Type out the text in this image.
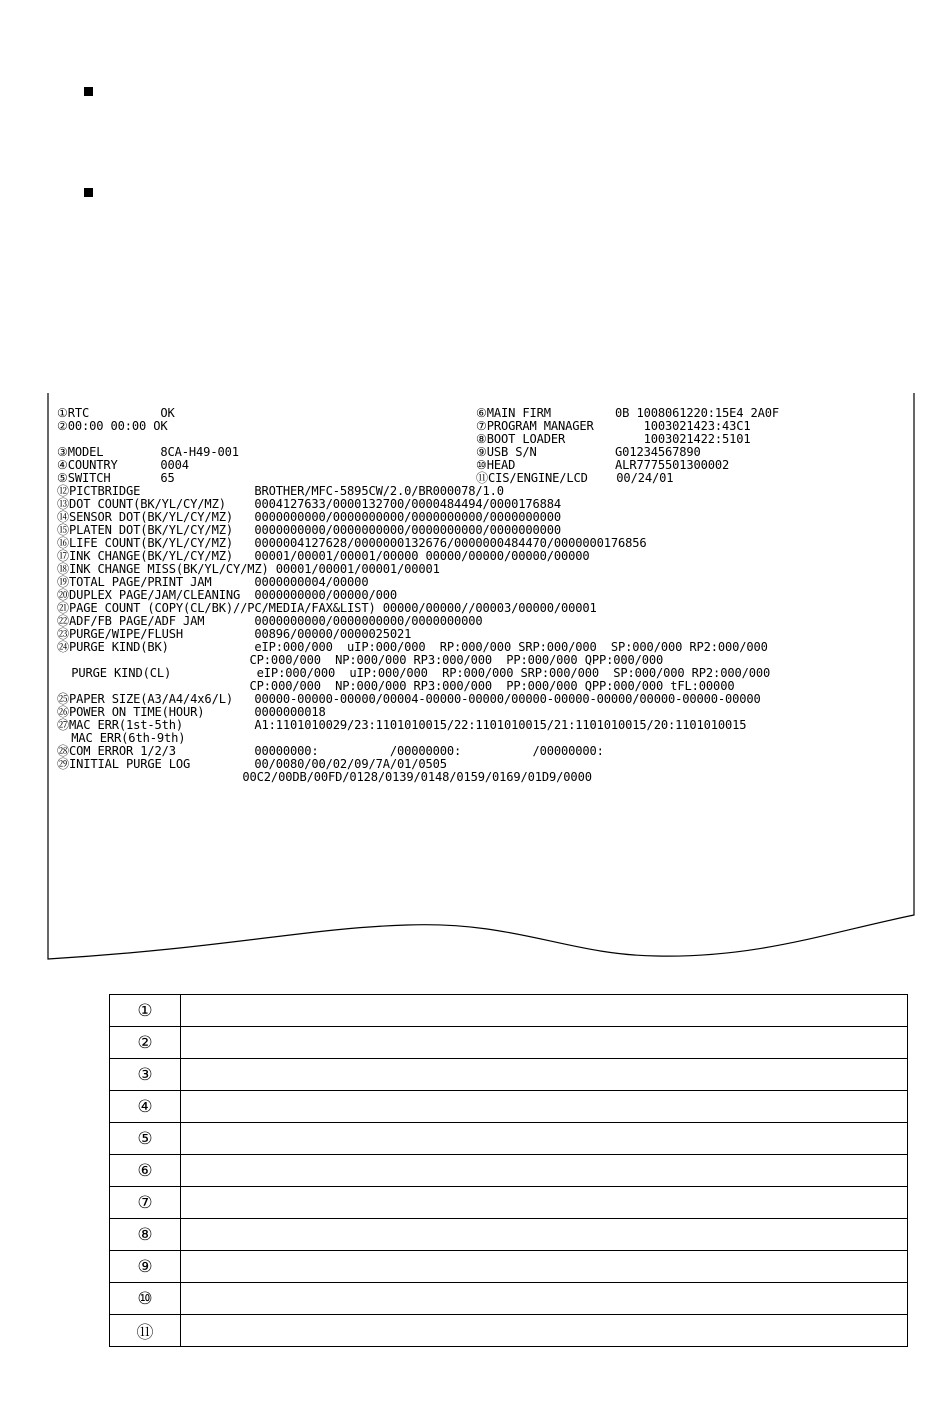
①RTC          OK
②00:00 00:00 OK
③MODEL        8CA-H49-001
④COUNTRY      0004
⑤SWITCH       65
⑫PICTBRIDGE                BROTHER/MFC-5895CW/2.0/BR000078/1.0
⑬DOT COUNT(BK/YL/CY/MZ)    0004127633/0000132700/0000484494/0000176884
⑭SENSOR DOT(BK/YL/CY/MZ)   0000000000/0000000000/0000000000/0000000000
⑮PLATEN DOT(BK/YL/CY/MZ)   0000000000/0000000000/0000000000/0000000000
⑯LIFE COUNT(BK/YL/CY/MZ)   0000004127628/0000000132676/0000000484470/0000000176856
⑰INK CHANGE(BK/YL/CY/MZ)   00001/00001/00001/00000 00000/00000/00000/00000
⑱INK CHANGE MISS(BK/YL/CY/MZ) 00001/00001/00001/00001
⑲TOTAL PAGE/PRINT JAM      0000000004/00000
⑳DUPLEX PAGE/JAM/CLEANING  0000000000/00000/000
㉑PAGE COUNT (COPY(CL/BK)//PC/MEDIA/FAX&LIST) 00000/00000//00003/00000/00001
㉒ADF/FB PAGE/ADF JAM       0000000000/0000000000/0000000000
㉓PURGE/WIPE/FLUSH          00896/00000/0000025021
㉔PURGE KIND(BK)            eIP:000/000  uIP:000/000  RP:000/000 SRP:000/000  SP:000/000 RP2:000/000
CP:000/000  NP:000/000 RP3:000/000  PP:000/000 QPP:000/000
PURGE KIND(CL)            eIP:000/000  uIP:000/000  RP:000/000 SRP:000/000  SP:000/000 RP2:000/000
CP:000/000  NP:000/000 RP3:000/000  PP:000/000 QPP:000/000 tFL:00000
㉕PAPER SIZE(A3/A4/4x6/L)   00000-00000-00000/00004-00000-00000/00000-00000-00000/00000-00000-00000
㉖POWER ON TIME(HOUR)       0000000018
㉗MAC ERR(1st-5th)          A1:1101010029/23:1101010015/22:1101010015/21:1101010015/20:1101010015
MAC ERR(6th-9th)
㉘COM ERROR 1/2/3           00000000:          /00000000:          /00000000:
㉙INITIAL PURGE LOG         00/0080/00/02/09/7A/01/0505
00C2/00DB/00FD/0128/0139/0148/0159/0169/01D9/0000
⑥MAIN FIRM         0B 1008061220:15E4 2A0F
⑦PROGRAM MANAGER       1003021423:43C1
⑧BOOT LOADER           1003021422:5101
⑨USB S/N           G01234567890
⑩HEAD              ALR7775501300002
⑪CIS/ENGINE/LCD    00/24/01
①	
②	
③	
④	
⑤	
⑥	
⑦	
⑧	
⑨	
⑩	
⑪	
